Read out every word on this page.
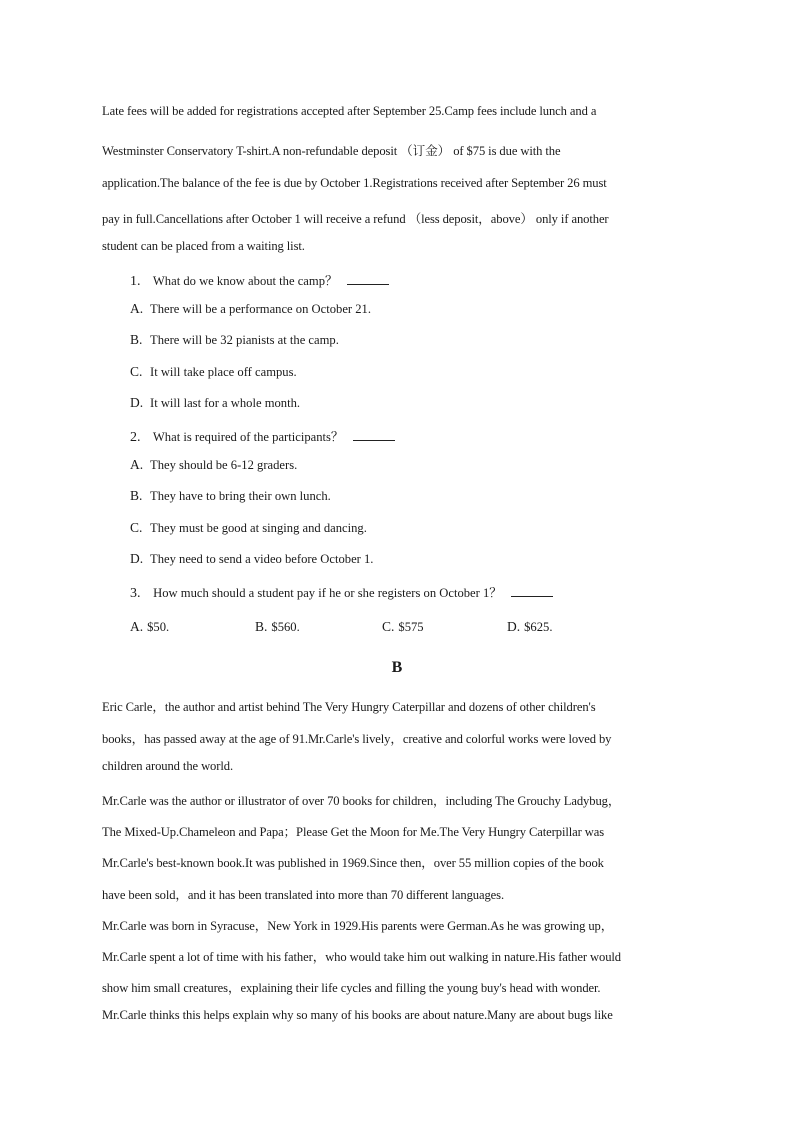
Late fees will be added for registrations accepted after September 25.Camp fees include lunch and a
Westminster Conservatory T-shirt.A non-refundable deposit （订金） of $75 is due with the
application.The balance of the fee is due by October 1.Registrations received after September 26 must
pay in full.Cancellations after October 1 will receive a refund （less deposit，above） only if another
student can be placed from a waiting list.
1. What do we know about the camp？
A. There will be a performance on October 21.
B. There will be 32 pianists at the camp.
C. It will take place off campus.
D. It will last for a whole month.
2. What is required of the participants？
A. They should be 6-12 graders.
B. They have to bring their own lunch.
C. They must be good at singing and dancing.
D. They need to send a video before October 1.
3. How much should a student pay if he or she registers on October 1？
A. $50.	B. $560.	C. $575	D. $625.
B
Eric Carle，the author and artist behind The Very Hungry Caterpillar and dozens of other children's
books，has passed away at the age of 91.Mr.Carle's lively，creative and colorful works were loved by
children around the world.
Mr.Carle was the author or illustrator of over 70 books for children，including The Grouchy Ladybug，
The Mixed-Up.Chameleon and Papa；Please Get the Moon for Me.The Very Hungry Caterpillar was
Mr.Carle's best-known book.It was published in 1969.Since then，over 55 million copies of the book
have been sold，and it has been translated into more than 70 different languages.
Mr.Carle was born in Syracuse，New York in 1929.His parents were German.As he was growing up，
Mr.Carle spent a lot of time with his father，who would take him out walking in nature.His father would
show him small creatures，explaining their life cycles and filling the young buy's head with wonder.
Mr.Carle thinks this helps explain why so many of his books are about nature.Many are about bugs like
